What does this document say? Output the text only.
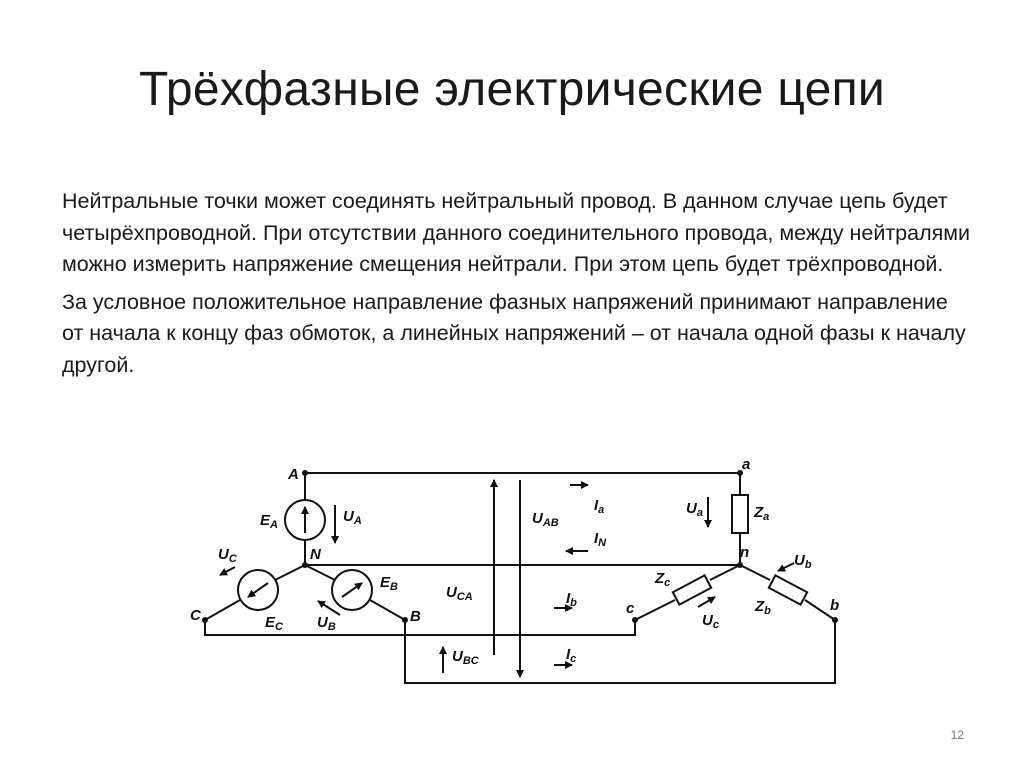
Трёхфазные электрические цепи

Нейтральные точки может соединять нейтральный провод. В данном случае цепь будет четырёхпроводной. При отсутствии данного соединительного провода, между нейтралями можно измерить напряжение смещения нейтрали. При этом цепь будет трёхпроводной.

За условное положительное направление фазных напряжений принимают направление от начала к концу фаз обмоток, а линейных напряжений – от начала одной фазы к началу другой.

A
N
C	B
a
n
c	b
$E_A$	$U_A$
$U_C$
$E_B$
$E_C$ $U_B$
$U_{AB}$
$U_{CA}$
$U_{BC}$
$I_a$
$I_N$
$I_b$
$I_c$
$U_a$	$Z_a$
$Z_c$
$Z_b$
$U_c$
$U_b$
12
